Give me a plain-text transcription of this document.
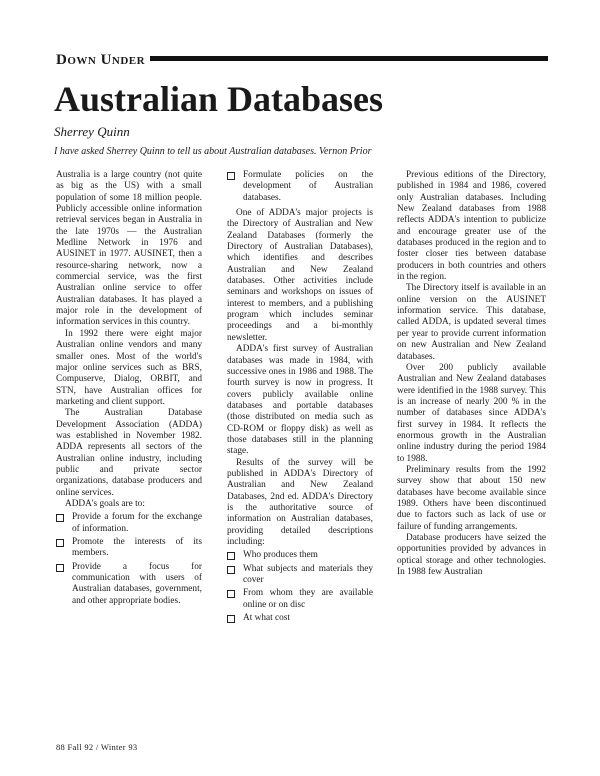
Down Under
Australian Databases
Sherrey Quinn
I have asked Sherrey Quinn to tell us about Australian databases. Vernon Prior

Australia is a large country (not quite as big as the US) with a small population of some 18 million people. Publicly accessible online information retrieval services began in Australia in the late 1970s — the Australian Medline Network in 1976 and AUSINET in 1977. AUSINET, then a resource-sharing network, now a commercial service, was the first Australian online service to offer Australian databases. It has played a major role in the development of information services in this country.

In 1992 there were eight major Australian online vendors and many smaller ones. Most of the world's major online services such as BRS, Compuserve, Dialog, ORBIT, and STN, have Australian offices for marketing and client support.

The Australian Database Development Association (ADDA) was established in November 1982. ADDA represents all sectors of the Australian online industry, including public and private sector organizations, database producers and online services.

ADDA's goals are to:

Provide a forum for the exchange of information.
Promote the interests of its members.
Provide a focus for communication with users of Australian databases, government, and other appropriate bodies.
Formulate policies on the development of Australian databases.

One of ADDA's major projects is the Directory of Australian and New Zealand Databases (formerly the Directory of Australian Databases), which identifies and describes Australian and New Zealand databases. Other activities include seminars and workshops on issues of interest to members, and a publishing program which includes seminar proceedings and a bi-monthly newsletter.

ADDA's first survey of Australian databases was made in 1984, with successive ones in 1986 and 1988. The fourth survey is now in progress. It covers publicly available online databases and portable databases (those distributed on media such as CD-ROM or floppy disk) as well as those databases still in the planning stage.

Results of the survey will be published in ADDA's Directory of Australian and New Zealand Databases, 2nd ed. ADDA's Directory is the authoritative source of information on Australian databases, providing detailed descriptions including:

Who produces them
What subjects and materials they cover
From whom they are available online or on disc
At what cost

Previous editions of the Directory, published in 1984 and 1986, covered only Australian databases. Including New Zealand databases from 1988 reflects ADDA's intention to publicize and encourage greater use of the databases produced in the region and to foster closer ties between database producers in both countries and others in the region.

The Directory itself is available in an online version on the AUSINET information service. This database, called ADDA, is updated several times per year to provide current information on new Australian and New Zealand databases.

Over 200 publicly available Australian and New Zealand databases were identified in the 1988 survey. This is an increase of nearly 200 % in the number of databases since ADDA's first survey in 1984. It reflects the enormous growth in the Australian online industry during the period 1984 to 1988.

Preliminary results from the 1992 survey show that about 150 new databases have become available since 1989. Others have been discontinued due to factors such as lack of use or failure of funding arrangements.

Database producers have seized the opportunities provided by advances in optical storage and other technologies. In 1988 few Australian

88 Fall 92 / Winter 93
